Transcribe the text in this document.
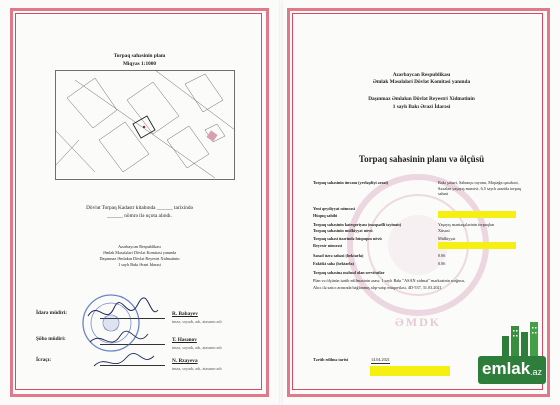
Torpaq sahəsinin planı
Miqyas 1:1000
Dövlət Torpaq Kadastr kitabında ______ tarixində
______ nömrə ilə uçota alındı.
Azərbaycan Respublikası
Əmlak Məsələləri Dövlət Komitəsi yanında
Daşınmaz Əmlakın Dövlət Reyestri Xidmətinin
1 saylı Bakı Ərazi İdarəsi
İdarə müdiri:	R. Babayev
imza, soyadı, adı, atasının adı
Şöbə müdiri:	T. Həsənov
imza, soyadı, adı, atasının adı
İcraçı:	N. Rzayeva
imza, soyadı, adı, atasının adı
Azərbaycan Respublikası
Əmlak Məsələləri Dövlət Komitəsi yanında
Daşınmaz Əmlakın Dövlət Reyestri Xidmətinin
1 saylı Bakı Ərazi İdarəsi
Torpaq sahəsinin planı və ölçüsü
ƏMDK
Torpaq sahəsinin ünvanı (yerləşdiyi ərazi)	Bakı şəhəri, Sabunçu rayonu, Maştağa qəsəbəsi, Səxalan yaşayış massivi, 6,5 sayılı ərazidə torpaq sahəsi
Yeni qeydiyyat nömrəsi
Hüquq sahibi
Torpaq sahəsinin kateqoriyası (məqsədli təyinatı)	Yaşayış məntəqələrinin torpaqları
Torpaq sahəsinin mülkiyyət növü	Xüsusi
Torpaq sahəsi üzərində hüququn növü	Mülkiyyət
Reyestr nömrəsi
Sənəd üzrə sahəsi (hektarla)	0.06
Faktiki sahə (hektarla)	0.06
Torpaq sahəsinə məhsul olan servitutlar
Plan və ölçüsün tərtib edilməsinin əsası: 1 saylı Bakı "ASAN xidmət" mərkəzinin sorğusu,
Alıcı ilə satıcı arasında bağlanmış alqı-satqı müqaviləsi, 4D-537, 31.03.2021
Tərtib edilmə tarixi	14.04.2021	emlak .az
